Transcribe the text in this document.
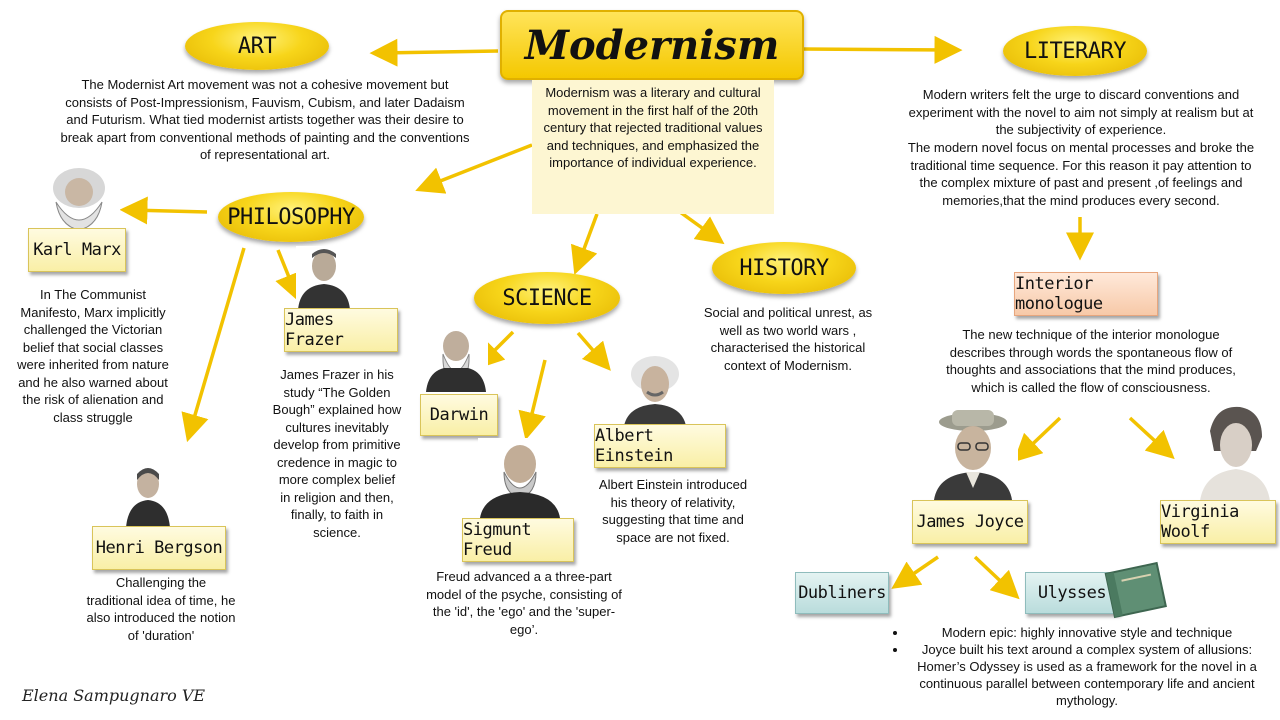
Modernism
Modernism was a literary and cultural movement in the first half of the 20th century that rejected traditional values and techniques, and emphasized the importance of individual experience.
ART
The Modernist Art movement was not a cohesive movement but consists of Post-Impressionism, Fauvism, Cubism, and later Dadaism and Futurism. What tied modernist artists together was their desire to break apart from conventional methods of painting and the conventions of representational art.
LITERARY
Modern writers felt the urge to discard conventions and experiment with the novel to aim not simply at realism but at the subjectivity of experience.
The modern novel focus on mental processes and broke the traditional time sequence. For this reason it pay attention to the complex mixture of past and present ,of feelings and memories,that the mind produces every second.
Interior monologue
The new technique of the interior monologue describes through words the spontaneous flow of thoughts and associations that the mind produces, which is called the flow of consciousness.
James Joyce	Virginia Woolf
Dubliners	Ulysses
• Modern epic: highly innovative style and technique
• Joyce built his text around a complex system of allusions: Homer’s Odyssey is used as a framework for the novel in a continuous parallel between contemporary life and ancient mythology.
PHILOSOPHY
Karl Marx
In The Communist Manifesto, Marx implicitly challenged the Victorian belief that social classes were inherited from nature and he also warned about the risk of alienation and class struggle
James Frazer
James Frazer in his study “The Golden Bough” explained how cultures inevitably develop from primitive credence in magic to more complex belief in religion and then, finally, to faith in science.
Henri Bergson
Challenging the traditional idea of time, he also introduced the notion of 'duration'
SCIENCE
Darwin
Sigmunt Freud
Freud advanced a a three-part model of the psyche, consisting of the 'id', the 'ego' and the 'super-ego’.
Albert Einstein
Albert Einstein introduced his theory of relativity, suggesting that time and space are not fixed.
HISTORY
Social and political unrest, as well as two world wars , characterised the historical context of Modernism.
Elena Sampugnaro VE
